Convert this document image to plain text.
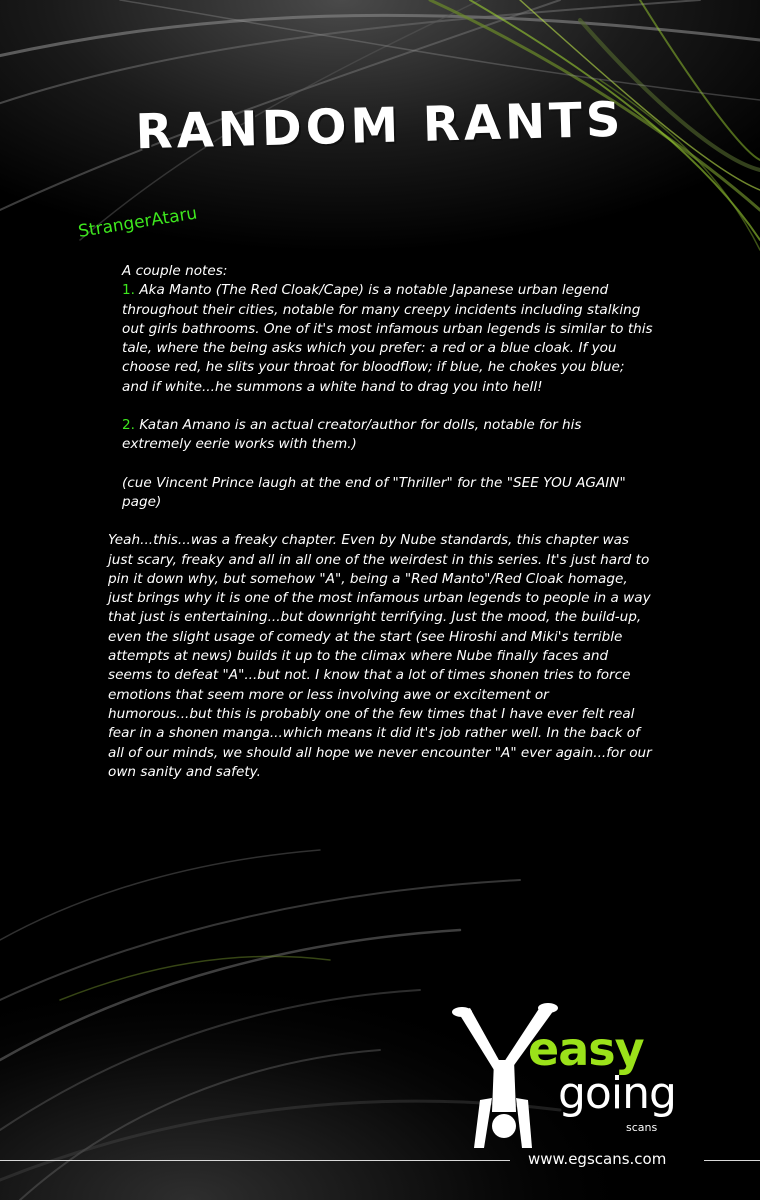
RANDOM RANTS
StrangerAtaru

A couple notes:

1. Aka Manto (The Red Cloak/Cape) is a notable Japanese urban legend throughout their cities, notable for many creepy incidents including stalking out girls bathrooms. One of it's most infamous urban legends is similar to this tale, where the being asks which you prefer: a red or a blue cloak. If you choose red, he slits your throat for bloodflow; if blue, he chokes you blue; and if white...he summons a white hand to drag you into hell!

2. Katan Amano is an actual creator/author for dolls, notable for his extremely eerie works with them.)

(cue Vincent Prince laugh at the end of "Thriller" for the "SEE YOU AGAIN" page)

Yeah...this...was a freaky chapter. Even by Nube standards, this chapter was just scary, freaky and all in all one of the weirdest in this series. It's just hard to pin it down why, but somehow "A", being a "Red Manto"/Red Cloak homage, just brings why it is one of the most infamous urban legends to people in a way that just is entertaining...but downright terrifying. Just the mood, the build-up, even the slight usage of comedy at the start (see Hiroshi and Miki's terrible attempts at news) builds it up to the climax where Nube finally faces and seems to defeat "A"...but not. I know that a lot of times shonen tries to force emotions that seem more or less involving awe or excitement or humorous...but this is probably one of the few times that I have ever felt real fear in a shonen manga...which means it did it's job rather well. In the back of all of our minds, we should all hope we never encounter "A" ever again...for our own sanity and safety.

easy
going
scans
www.egscans.com
